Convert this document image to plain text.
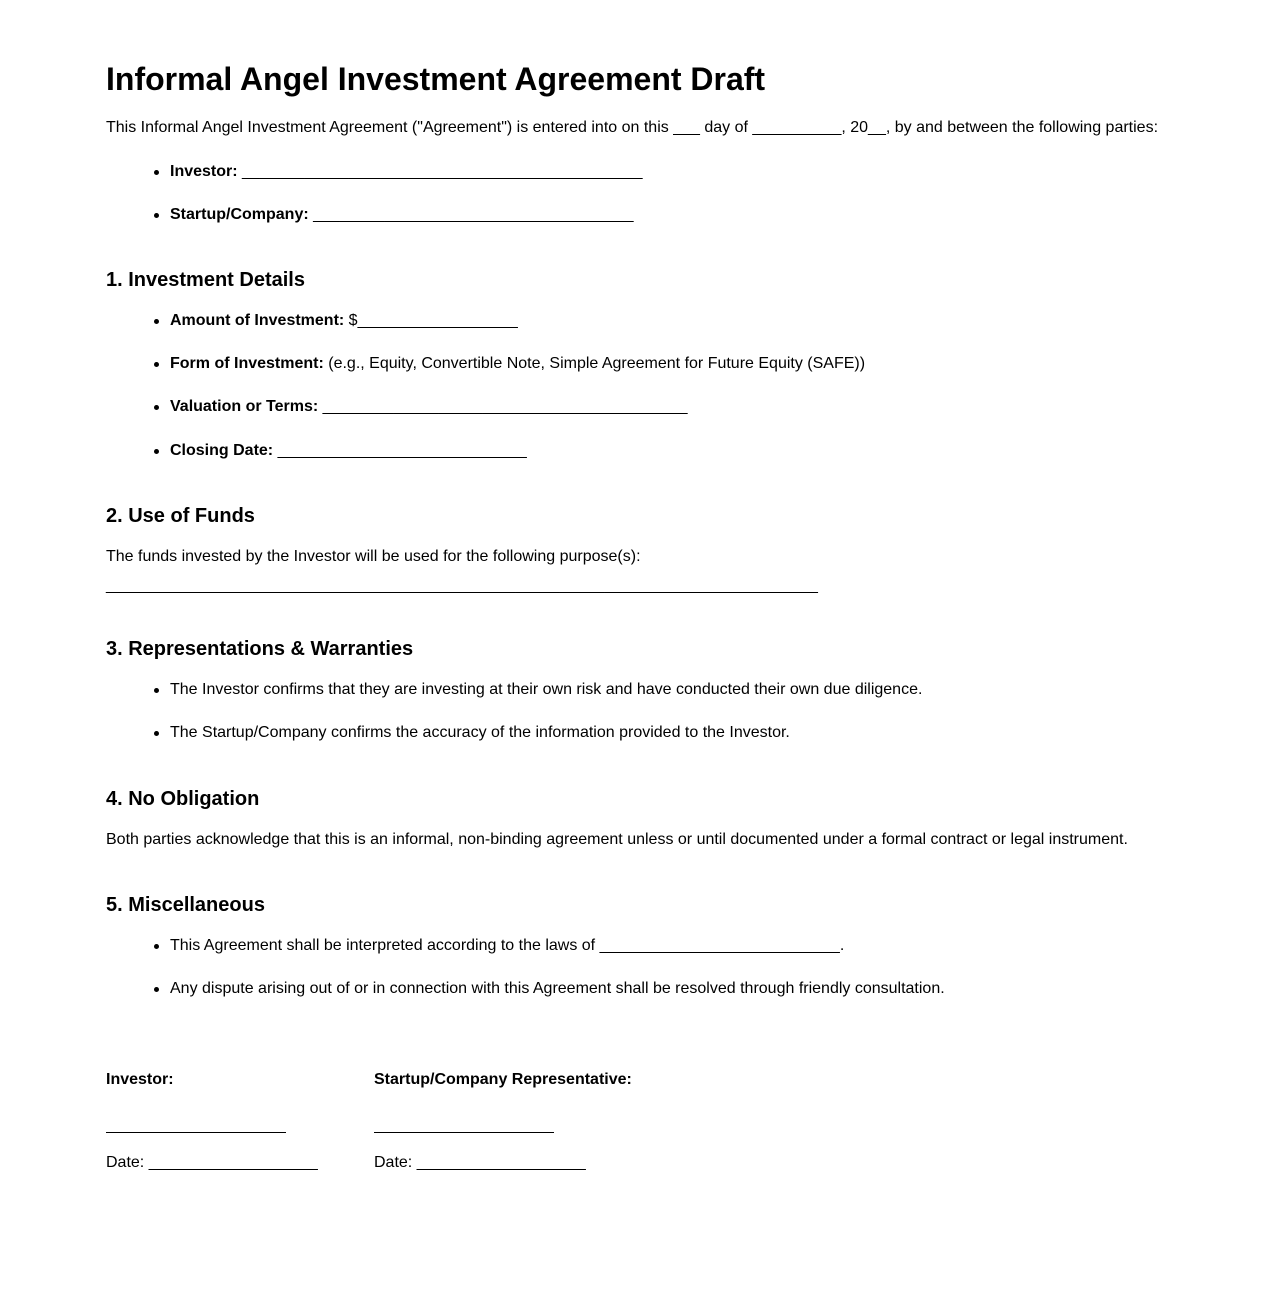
Informal Angel Investment Agreement Draft

This Informal Angel Investment Agreement ("Agreement") is entered into on this ___ day of __________, 20__, by and between the following parties:

Investor: _____________________________________________
Startup/Company: ____________________________________
1. Investment Details
Amount of Investment: $__________________
Form of Investment: (e.g., Equity, Convertible Note, Simple Agreement for Future Equity (SAFE))
Valuation or Terms: _________________________________________
Closing Date: ____________________________
2. Use of Funds

The funds invested by the Investor will be used for the following purpose(s):

________________________________________________________________________________

3. Representations & Warranties
The Investor confirms that they are investing at their own risk and have conducted their own due diligence.
The Startup/Company confirms the accuracy of the information provided to the Investor.
4. No Obligation

Both parties acknowledge that this is an informal, non-binding agreement unless or until documented under a formal contract or legal instrument.

5. Miscellaneous
This Agreement shall be interpreted according to the laws of ___________________________.
Any dispute arising out of or in connection with this Agreement shall be resolved through friendly consultation.
Investor:
Date: ___________________
Startup/Company Representative:
Date: ___________________
